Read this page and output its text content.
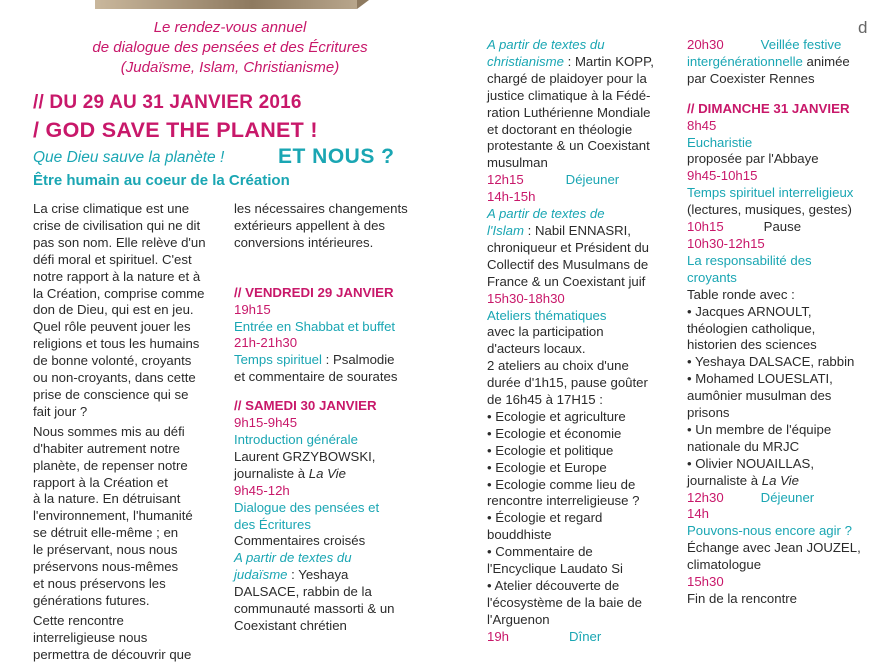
d
Le rendez-vous annuel
de dialogue des pensées et des Écritures
(Judaïsme, Islam, Christianisme)
// DU 29 AU 31 JANVIER 2016
/ GOD SAVE THE PLANET !
Que Dieu sauve la planète !	ET NOUS ?
Être humain au coeur de la Création

La crise climatique est une
crise de civilisation qui ne dit
pas son nom. Elle relève d'un
défi moral et spirituel. C'est
notre rapport à la nature et à
la Création, comprise comme
don de Dieu, qui est en jeu.
Quel rôle peuvent jouer les
religions et tous les humains
de bonne volonté, croyants
ou non-croyants, dans cette
prise de conscience qui se
fait jour ?

Nous sommes mis au défi
d'habiter autrement notre
planète, de repenser notre
rapport à la Création et
à la nature. En détruisant
l'environnement, l'humanité
se détruit elle-même ; en
le préservant, nous nous
préservons nous-mêmes
et nous préservons les
générations futures.

Cette rencontre
interreligieuse nous
permettra de découvrir que

les nécessaires changements
extérieurs appellent à des
conversions intérieures.

// VENDREDI 29 JANVIER
19h15
Entrée en Shabbat et buffet
21h-21h30
Temps spirituel : Psalmodie
et commentaire de sourates
// SAMEDI 30 JANVIER
9h15-9h45
Introduction générale
Laurent GRZYBOWSKI,
journaliste à La Vie
9h45-12h
Dialogue des pensées et
des Écritures
Commentaires croisés
A partir de textes du
judaïsme : Yeshaya
DALSACE, rabbin de la
communauté massorti & un
Coexistant chrétien
A partir de textes du
christianisme : Martin KOPP,
chargé de plaidoyer pour la
justice climatique à la Fédé-
ration Luthérienne Mondiale
et doctorant en théologie
protestante & un Coexistant
musulman
12h15	Déjeuner
14h-15h
A partir de textes de
l'Islam : Nabil ENNASRI,
chroniqueur et Président du
Collectif des Musulmans de
France & un Coexistant juif
15h30-18h30
Ateliers thématiques
avec la participation
d'acteurs locaux.
2 ateliers au choix d'une
durée d'1h15, pause goûter
de 16h45 à 17H15 :
• Ecologie et agriculture
• Ecologie et économie
• Ecologie et politique
• Ecologie et Europe
• Ecologie comme lieu de
rencontre interreligieuse ?
• Écologie et regard
bouddhiste
• Commentaire de
l'Encyclique Laudato Si
• Atelier découverte de
l'écosystème de la baie de
l'Arguenon
19h	Dîner
20h30	Veillée festive
intergénérationnelle animée
par Coexister Rennes
// DIMANCHE 31 JANVIER
8h45
Eucharistie
proposée par l'Abbaye
9h45-10h15
Temps spirituel interreligieux
(lectures, musiques, gestes)
10h15	Pause
10h30-12h15
La responsabilité des
croyants
Table ronde avec :
• Jacques ARNOULT,
théologien catholique,
historien des sciences
• Yeshaya DALSACE, rabbin
• Mohamed LOUESLATI,
aumônier musulman des
prisons
• Un membre de l'équipe
nationale du MRJC
• Olivier NOUAILLAS,
journaliste à La Vie
12h30	Déjeuner
14h
Pouvons-nous encore agir ?
Échange avec Jean JOUZEL,
climatologue
15h30
Fin de la rencontre
